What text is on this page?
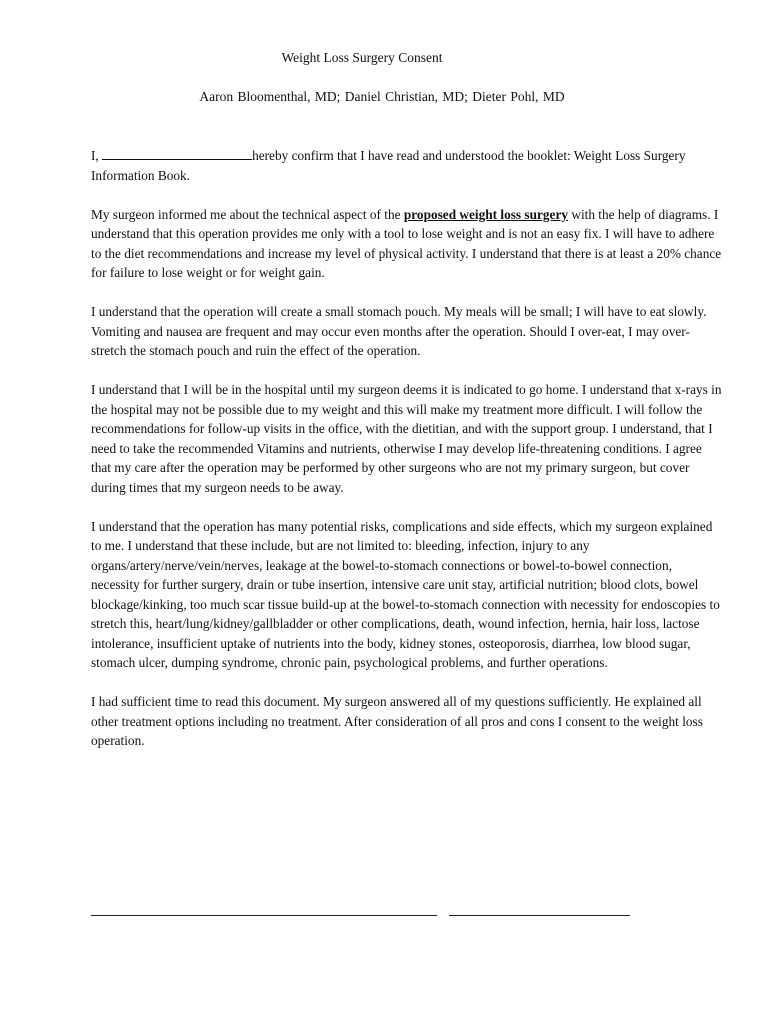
Weight Loss Surgery Consent
Aaron Bloomenthal, MD; Daniel Christian, MD; Dieter Pohl, MD

I,	hereby confirm that I have read and understood the booklet: Weight Loss Surgery Information Book.

My surgeon informed me about the technical aspect of the proposed weight loss surgery with the help of diagrams. I understand that this operation provides me only with a tool to lose weight and is not an easy fix. I will have to adhere to the diet recommendations and increase my level of physical activity. I understand that there is at least a 20% chance for failure to lose weight or for weight gain.

I understand that the operation will create a small stomach pouch. My meals will be small; I will have to eat slowly. Vomiting and nausea are frequent and may occur even months after the operation. Should I over-eat, I may over-stretch the stomach pouch and ruin the effect of the operation.

I understand that I will be in the hospital until my surgeon deems it is indicated to go home. I understand that x-rays in the hospital may not be possible due to my weight and this will make my treatment more difficult. I will follow the recommendations for follow-up visits in the office, with the dietitian, and with the support group. I understand, that I need to take the recommended Vitamins and nutrients, otherwise I may develop life-threatening conditions. I agree that my care after the operation may be performed by other surgeons who are not my primary surgeon, but cover during times that my surgeon needs to be away.

I understand that the operation has many potential risks, complications and side effects, which my surgeon explained to me. I understand that these include, but are not limited to: bleeding, infection, injury to any organs/artery/nerve/vein/nerves, leakage at the bowel-to-stomach connections or bowel-to-bowel connection, necessity for further surgery, drain or tube insertion, intensive care unit stay, artificial nutrition; blood clots, bowel blockage/kinking, too much scar tissue build-up at the bowel-to-stomach connection with necessity for endoscopies to stretch this, heart/lung/kidney/gallbladder or other complications, death, wound infection, hernia, hair loss, lactose intolerance, insufficient uptake of nutrients into the body, kidney stones, osteoporosis, diarrhea, low blood sugar, stomach ulcer, dumping syndrome, chronic pain, psychological problems, and further operations.

I had sufficient time to read this document. My surgeon answered all of my questions sufficiently. He explained all other treatment options including no treatment. After consideration of all pros and cons I consent to the weight loss operation.
